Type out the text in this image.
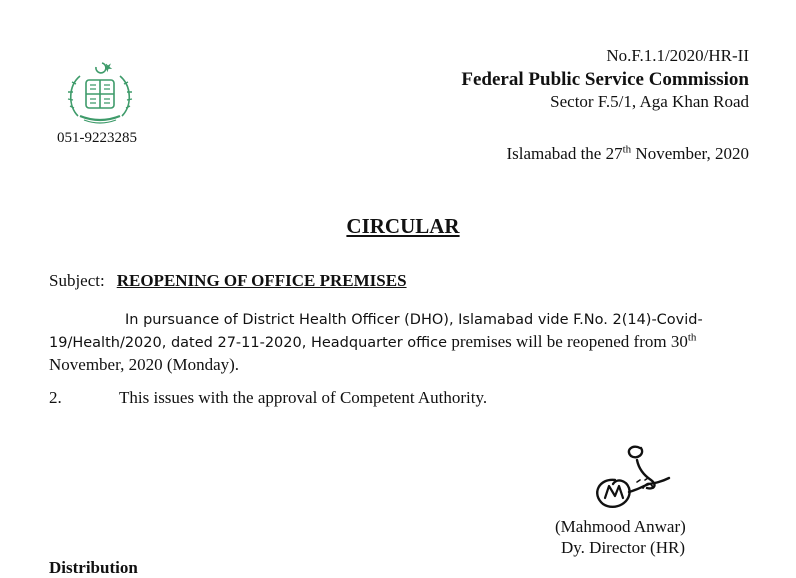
051-9223285
No.F.1.1/2020/HR-II
Federal Public Service Commission
Sector F.5/1, Aga Khan Road
Islamabad the 27th November, 2020
CIRCULAR
Subject: REOPENING OF OFFICE PREMISES
In pursuance of District Health Officer (DHO), Islamabad vide F.No. 2(14)-Covid-19/Health/2020, dated 27-11-2020, Headquarter office premises will be reopened from 30th November, 2020 (Monday).
2.	This issues with the approval of Competent Authority.
(Mahmood Anwar)
Dy. Director (HR)
Distribution
